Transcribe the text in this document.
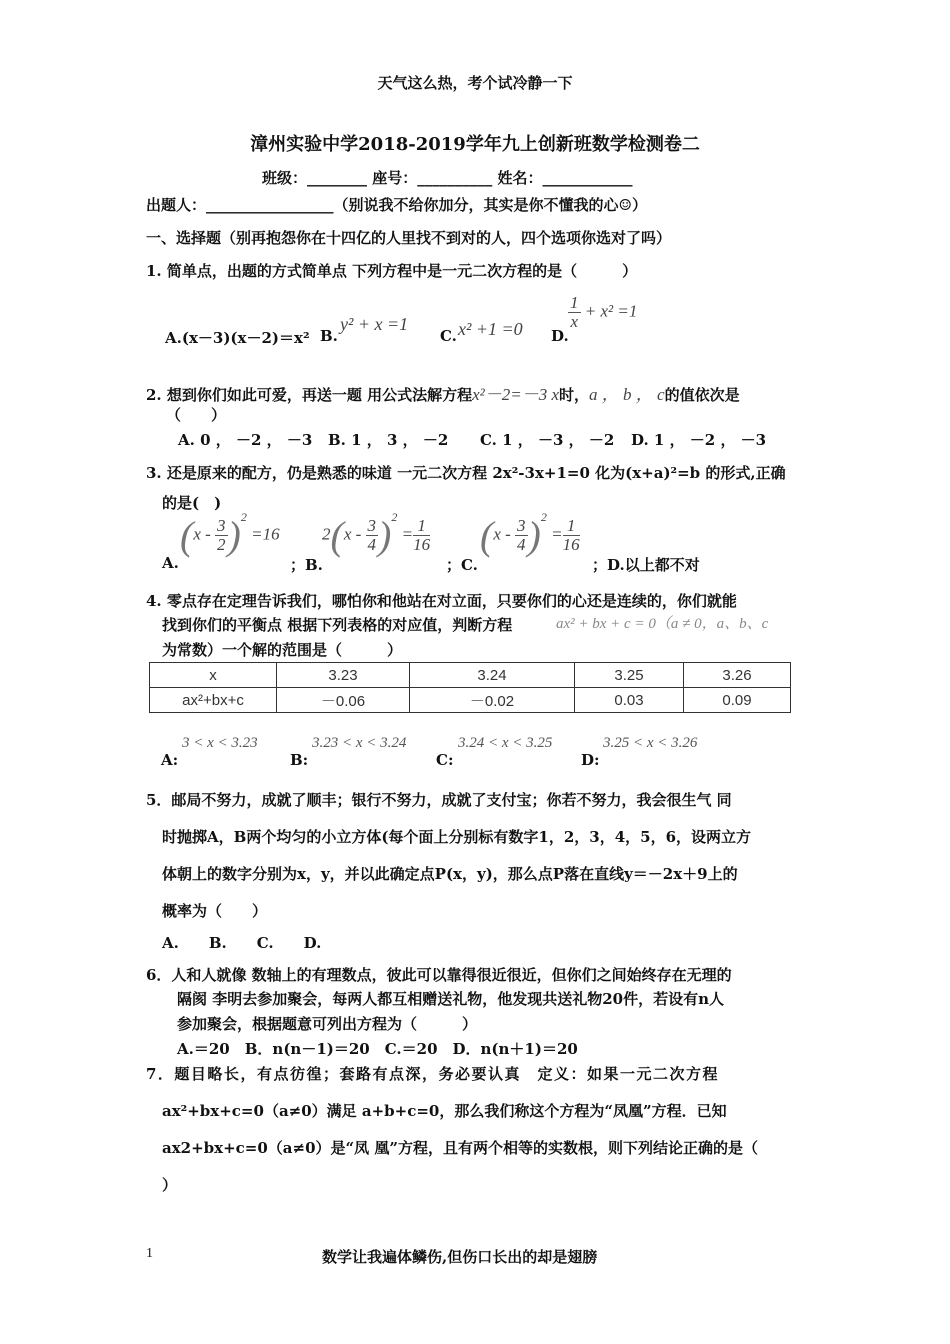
天气这么热，考个试冷静一下
漳州实验中学2018-2019学年九上创新班数学检测卷二
班级：________ 座号：__________ 姓名：____________
出题人：_________________（别说我不给你加分，其实是你不懂我的心☺）
一、选择题（别再抱怨你在十四亿的人里找不到对的人，四个选项你选对了吗）
1. 简单点，出题的方式简单点 下列方程中是一元二次方程的是（　　　）
A.(x－3)(x－2)＝x² B.
y² + x =1
C. x² +1 =0 D.
$\frac{1}{x} + x^2 =1$
2. 想到你们如此可爱，再送一题 用公式法解方程x²－2=－3 x时，a ， b ， c的值依次是
（　　）
A. 0 ， －2 ， －3 B. 1 ， 3 ， －2 C. 1 ， －3 ， －2 D. 1 ， －2 ， －3
3. 还是原来的配方，仍是熟悉的味道 一元二次方程 2x²-3x+1=0 化为(x+a)²=b 的形式,正确
的是(　)
A.
$(x - \frac{3}{2} )^2 =16$
；B.
$2(x - \frac{3}{4} )^2 = \frac{1}{16}$
；C.
$(x - \frac{3}{4} )^2 = \frac{1}{16}$
；D.以上都不对
4. 零点存在定理告诉我们，哪怕你和他站在对立面，只要你们的心还是连续的，你们就能
找到你们的平衡点 根据下列表格的对应值，判断方程	ax² + bx + c = 0（a ≠ 0，a、b、c
为常数）一个解的范围是（　　　）
x	3.23	3.24	3.25	3.26
ax²+bx+c	－0.06	－0.02	0.03	0.09
A:
3 < x < 3.23
B:
3.23 < x < 3.24
C:
3.24 < x < 3.25
D:
3.25 < x < 3.26
5．邮局不努力，成就了顺丰；银行不努力，成就了支付宝；你若不努力，我会很生气 同
时抛掷A，B两个均匀的小立方体(每个面上分别标有数字1，2，3，4，5，6，设两立方
体朝上的数字分别为x，y，并以此确定点P(x，y)，那么点P落在直线y＝－2x＋9上的
概率为（　　）
A.　　B.　　C.　　D.
6．人和人就像 数轴上的有理数点，彼此可以靠得很近很近，但你们之间始终存在无理的
隔阂 李明去参加聚会，每两人都互相赠送礼物，他发现共送礼物20件，若设有n人
参加聚会，根据题意可列出方程为（　　　）
A.＝20　B．n(n－1)＝20　C.＝20　D．n(n＋1)＝20
7．题目略长，有点彷徨；套路有点深，务必要认真　定义：如果一元二次方程
ax²+bx+c=0（a≠0）满足 a+b+c=0，那么我们称这个方程为“凤凰”方程．已知
ax2+bx+c=0（a≠0）是“凤 凰”方程，且有两个相等的实数根，则下列结论正确的是（
）
1	数学让我遍体鳞伤,但伤口长出的却是翅膀
